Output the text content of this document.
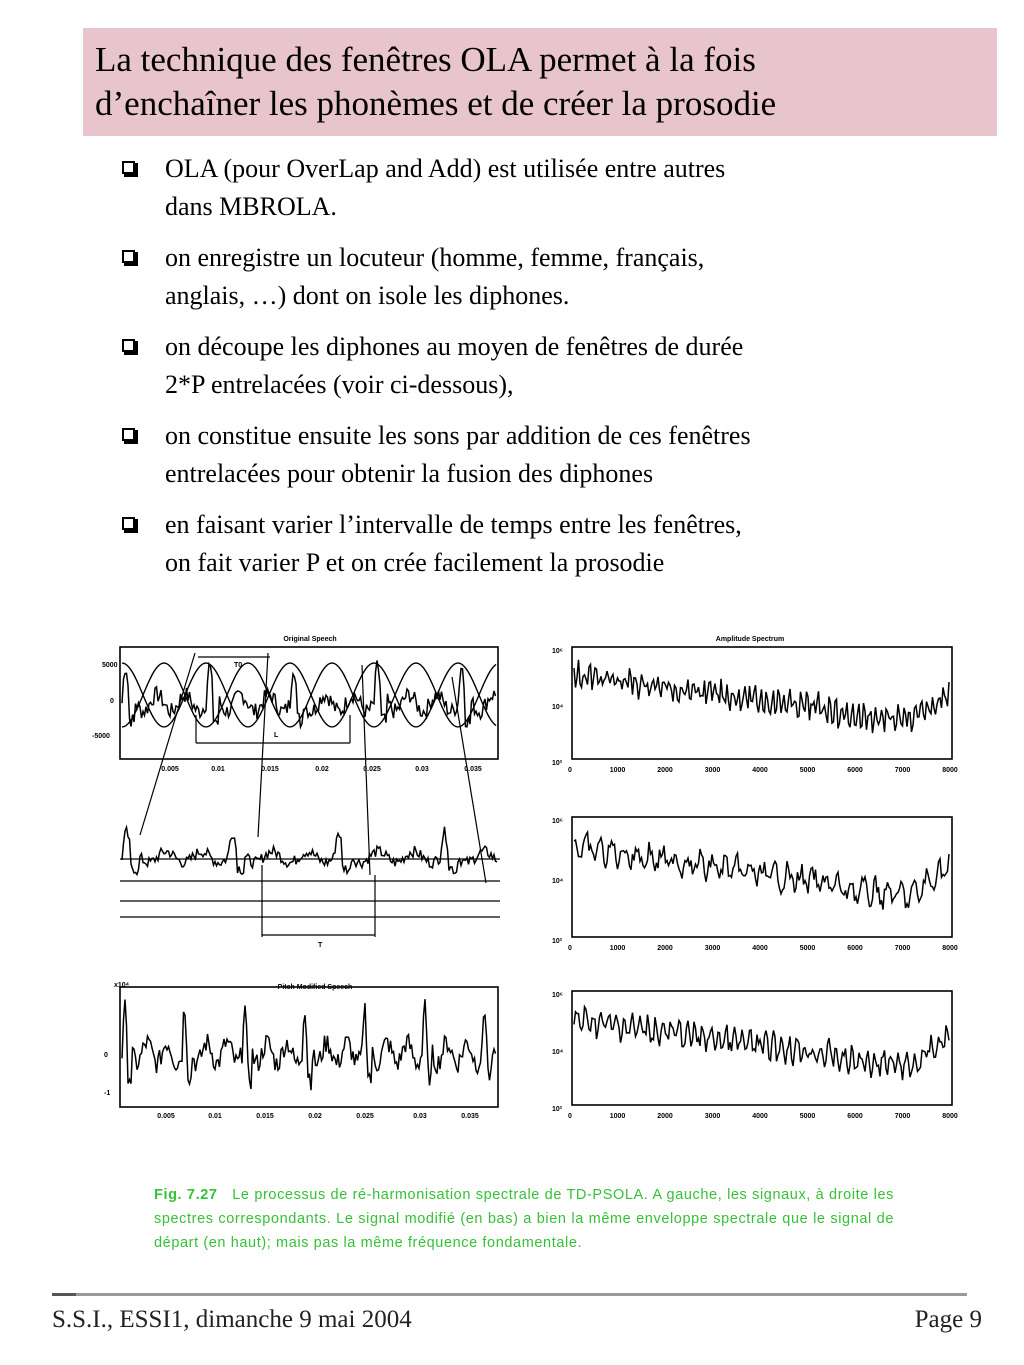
La technique des fenêtres OLA permet à la fois
d’enchaîner les phonèmes et de créer la prosodie
OLA (pour OverLap and Add) est utilisée entre autres
dans MBROLA.
on enregistre un locuteur (homme, femme, français,
anglais, …) dont on isole les diphones.
on découpe les diphones au moyen de fenêtres de durée
2*P entrelacées (voir ci-dessous),
on constitue ensuite les sons par addition de ces fenêtres
entrelacées pour obtenir la fusion des diphones
en faisant varier l’intervalle de temps entre les fenêtres,
on fait varier P et on crée facilement la prosodie
Original Speech	Amplitude Spectrum
Pitch Modified Speech
5000
0
-5000
0.005	0.01	0.015	0.02	0.025	0.03	0.035
x10⁴
0
-1
0.005	0.01	0.015	0.02	0.025	0.03	0.035
T0
L
T
0	1000	2000	3000	4000	5000	6000	7000	8000
10⁶
10⁴
10²
0	1000	2000	3000	4000	5000	6000	7000	8000
10⁶
10⁴
10²
0	1000	2000	3000	4000	5000	6000	7000	8000
10⁶
10⁴
10²
Fig. 7.27 Le processus de ré-harmonisation spectrale de TD-PSOLA. A gauche, les signaux, à droite les spectres correspondants. Le signal modifié (en bas) a bien la même enveloppe spectrale que le signal de départ (en haut); mais pas la même fréquence fondamentale.
S.S.I., ESSI1, dimanche 9 mai 2004	Page 9
